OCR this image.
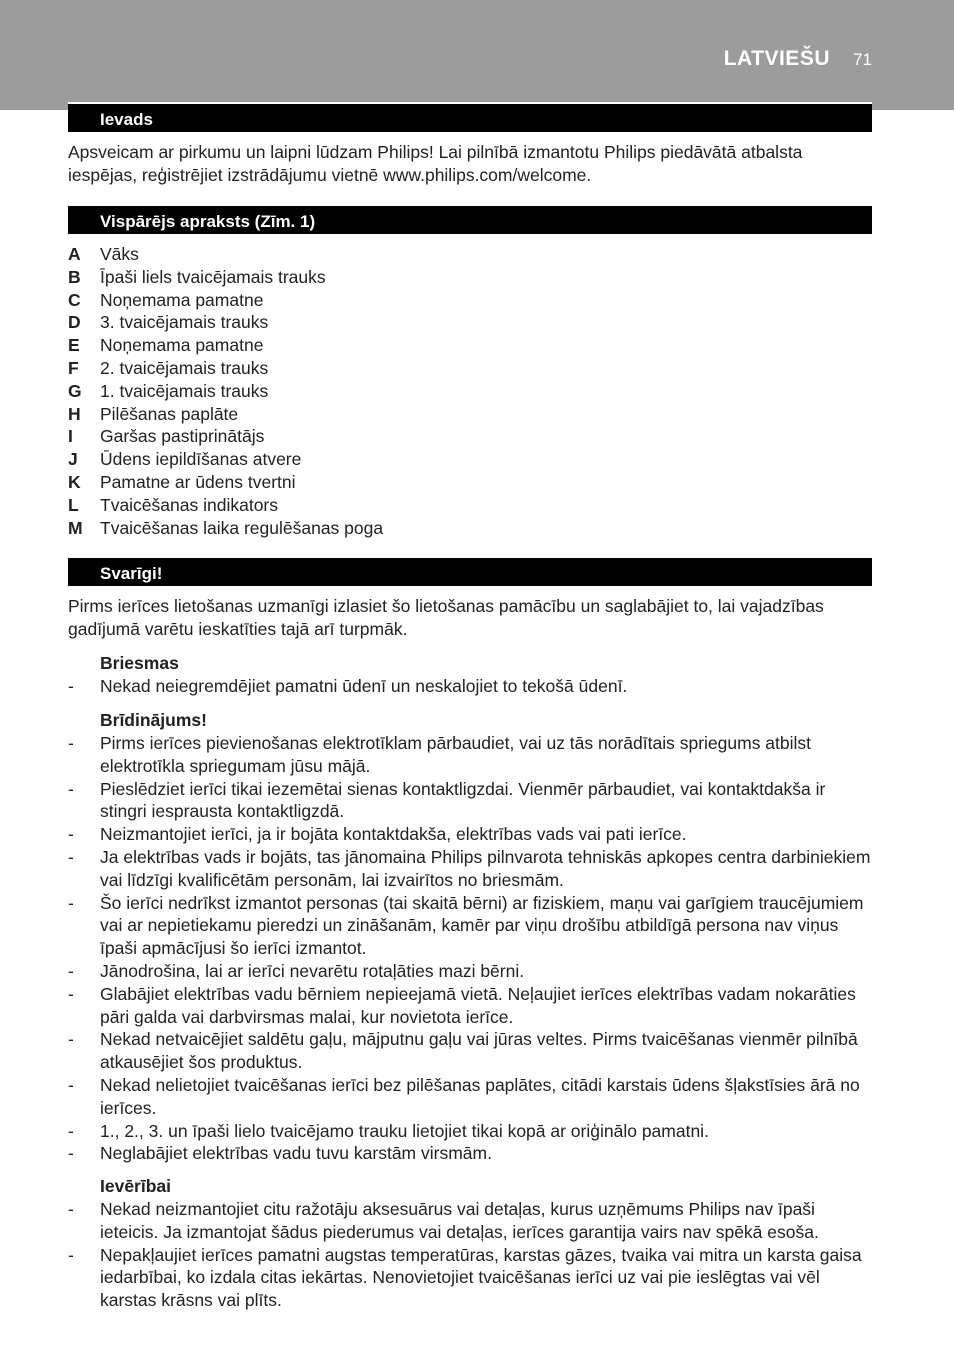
LATVIEŠU 71
Ievads

Apsveicam ar pirkumu un laipni lūdzam Philips! Lai pilnībā izmantotu Philips piedāvātā atbalsta iespējas, reģistrējiet izstrādājumu vietnē www.philips.com/welcome.

Vispārējs apraksts (Zīm. 1)
A	Vāks
B	Īpaši liels tvaicējamais trauks
C	Noņemama pamatne
D	3. tvaicējamais trauks
E	Noņemama pamatne
F	2. tvaicējamais trauks
G	1. tvaicējamais trauks
H	Pilēšanas paplāte
I	Garšas pastiprinātājs
J	Ūdens iepildīšanas atvere
K	Pamatne ar ūdens tvertni
L	Tvaicēšanas indikators
M Tvaicēšanas laika regulēšanas poga
Svarīgi!

Pirms ierīces lietošanas uzmanīgi izlasiet šo lietošanas pamācību un saglabājiet to, lai vajadzības gadījumā varētu ieskatīties tajā arī turpmāk.

Briesmas

-	Nekad neiegremdējiet pamatni ūdenī un neskalojiet to tekošā ūdenī.

Brīdinājums!

-	Pirms ierīces pievienošanas elektrotīklam pārbaudiet, vai uz tās norādītais spriegums atbilst elektrotīkla spriegumam jūsu mājā.
-	Pieslēdziet ierīci tikai iezemētai sienas kontaktligzdai. Vienmēr pārbaudiet, vai kontaktdakša ir stingri iesprausta kontaktligzdā.
-	Neizmantojiet ierīci, ja ir bojāta kontaktdakša, elektrības vads vai pati ierīce.
-	Ja elektrības vads ir bojāts, tas jānomaina Philips pilnvarota tehniskās apkopes centra darbiniekiem vai līdzīgi kvalificētām personām, lai izvairītos no briesmām.
-	Šo ierīci nedrīkst izmantot personas (tai skaitā bērni) ar fiziskiem, maņu vai garīgiem traucējumiem vai ar nepietiekamu pieredzi un zināšanām, kamēr par viņu drošību atbildīgā persona nav viņus īpaši apmācījusi šo ierīci izmantot.
-	Jānodrošina, lai ar ierīci nevarētu rotaļāties mazi bērni.
-	Glabājiet elektrības vadu bērniem nepieejamā vietā. Neļaujiet ierīces elektrības vadam nokarāties pāri galda vai darbvirsmas malai, kur novietota ierīce.
-	Nekad netvaicējiet saldētu gaļu, mājputnu gaļu vai jūras veltes. Pirms tvaicēšanas vienmēr pilnībā atkausējiet šos produktus.
-	Nekad nelietojiet tvaicēšanas ierīci bez pilēšanas paplātes, citādi karstais ūdens šļakstīsies ārā no ierīces.
-	1., 2., 3. un īpaši lielo tvaicējamo trauku lietojiet tikai kopā ar oriģinālo pamatni.
-	Neglabājiet elektrības vadu tuvu karstām virsmām.

Ievērībai

-	Nekad neizmantojiet citu ražotāju aksesuārus vai detaļas, kurus uzņēmums Philips nav īpaši ieteicis. Ja izmantojat šādus piederumus vai detaļas, ierīces garantija vairs nav spēkā esoša.
-	Nepakļaujiet ierīces pamatni augstas temperatūras, karstas gāzes, tvaika vai mitra un karsta gaisa iedarbībai, ko izdala citas iekārtas. Nenovietojiet tvaicēšanas ierīci uz vai pie ieslēgtas vai vēl karstas krāsns vai plīts.
